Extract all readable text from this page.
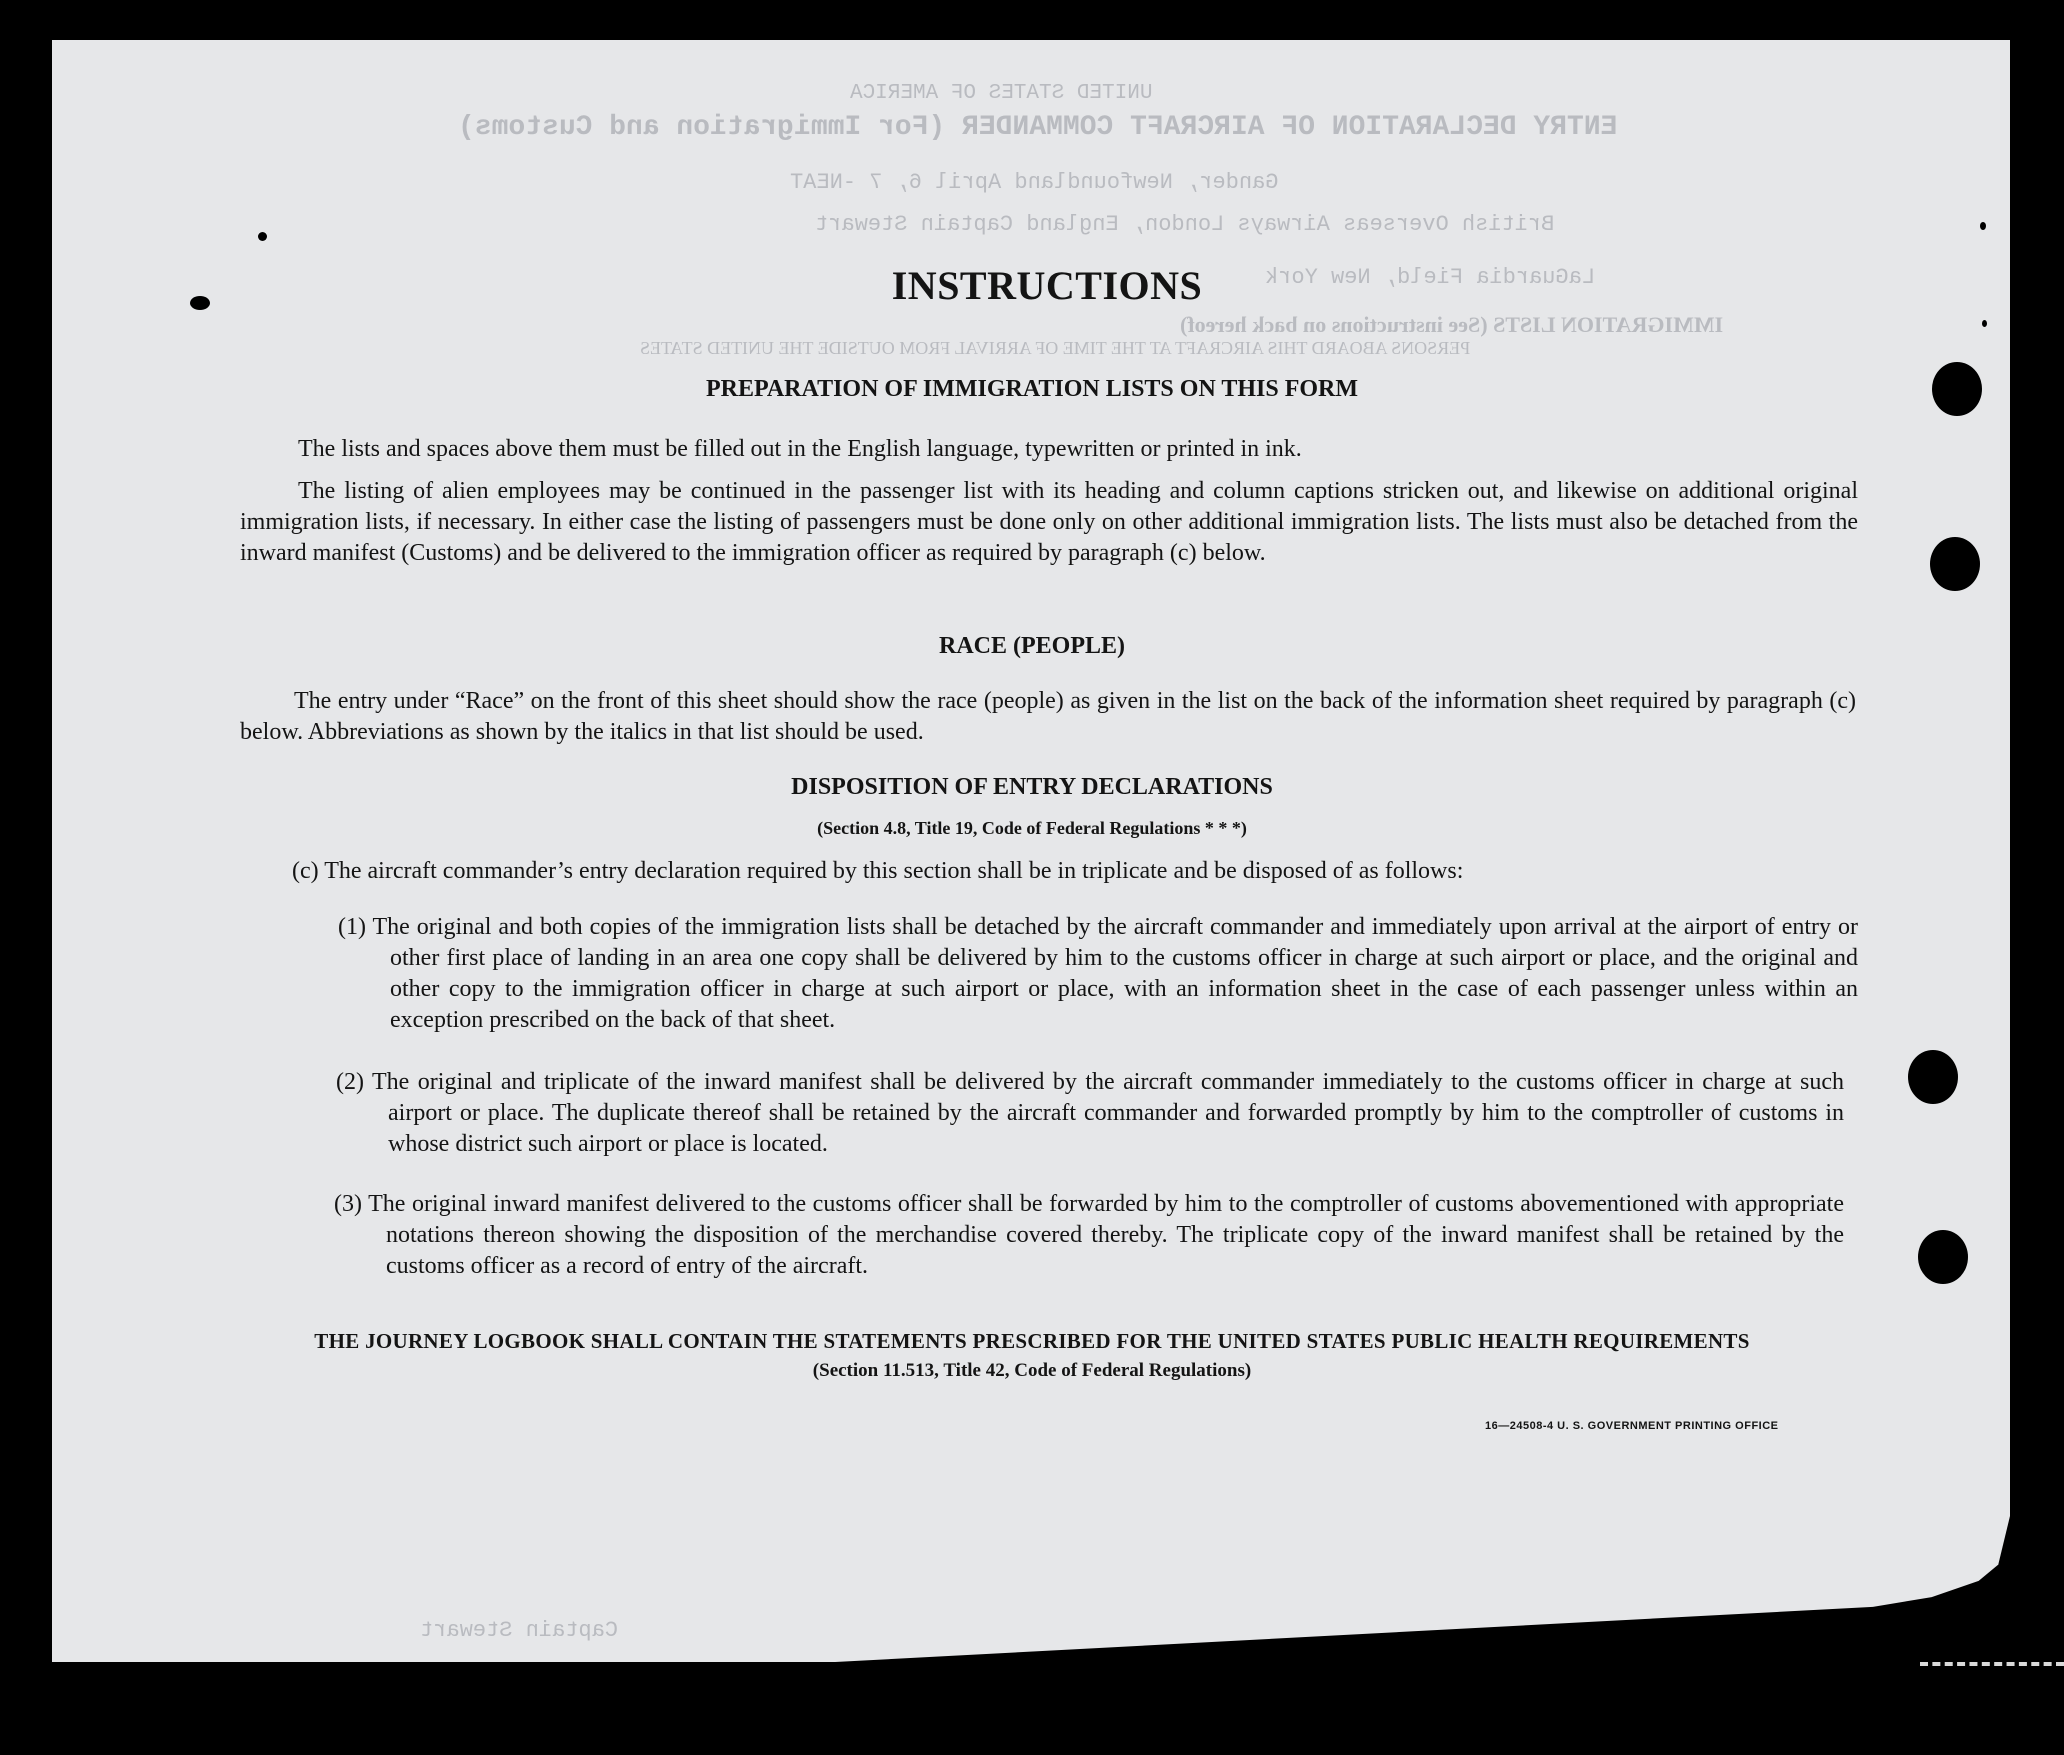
UNITED STATES OF AMERICA
ENTRY DECLARATION OF AIRCRAFT COMMANDER (For Immigration and Customs)
Gander, Newfoundland April 6, 7 -NEAT
British Overseas Airways London, England Captain Stewart
LaGuardia Field, New York
IMMIGRATION LISTS (See instructions on back hereof)
PERSONS ABOARD THIS AIRCRAFT AT THE TIME OF ARRIVAL FROM OUTSIDE THE UNITED STATES
Captain Stewart
INSTRUCTIONS
PREPARATION OF IMMIGRATION LISTS ON THIS FORM

The lists and spaces above them must be filled out in the English language, typewritten or printed in ink.

The listing of alien employees may be continued in the passenger list with its heading and column captions stricken out, and likewise on additional original immigration lists, if necessary. In either case the listing of passengers must be done only on other additional immigration lists. The lists must also be detached from the inward manifest (Customs) and be delivered to the immigration officer as required by paragraph (c) below.

RACE (PEOPLE)

The entry under “Race” on the front of this sheet should show the race (people) as given in the list on the back of the information sheet required by paragraph (c) below. Abbreviations as shown by the italics in that list should be used.

DISPOSITION OF ENTRY DECLARATIONS
(Section 4.8, Title 19, Code of Federal Regulations * * *)

(c) The aircraft commander’s entry declaration required by this section shall be in triplicate and be disposed of as follows:

(1) The original and both copies of the immigration lists shall be detached by the aircraft commander and immediately upon arrival at the airport of entry or other first place of landing in an area one copy shall be delivered by him to the customs officer in charge at such airport or place, and the original and other copy to the immigration officer in charge at such airport or place, with an information sheet in the case of each passenger unless within an exception prescribed on the back of that sheet.

(2) The original and triplicate of the inward manifest shall be delivered by the aircraft commander immediately to the customs officer in charge at such airport or place. The duplicate thereof shall be retained by the aircraft commander and forwarded promptly by him to the comptroller of customs in whose district such airport or place is located.

(3) The original inward manifest delivered to the customs officer shall be forwarded by him to the comptroller of customs abovementioned with appropriate notations thereon showing the disposition of the merchandise covered thereby. The triplicate copy of the inward manifest shall be retained by the customs officer as a record of entry of the aircraft.

THE JOURNEY LOGBOOK SHALL CONTAIN THE STATEMENTS PRESCRIBED FOR THE UNITED STATES PUBLIC HEALTH REQUIREMENTS
(Section 11.513, Title 42, Code of Federal Regulations)
16—24508-4 U. S. GOVERNMENT PRINTING OFFICE
